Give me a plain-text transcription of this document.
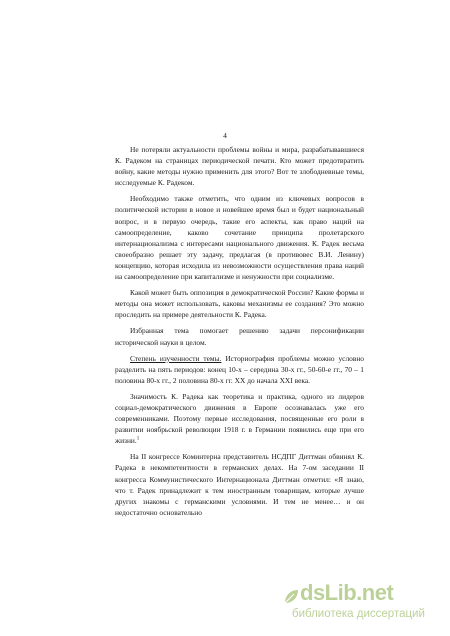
4

Не потеряли актуальности проблемы войны и мира, разрабатывавшиеся К. Радеком на страницах периодической печати. Кто может предотвратить войну, какие методы нужно применить для этого? Вот те злободневные темы, исследуемые К. Радеком.

Необходимо также отметить, что одним из ключевых вопросов в политической истории в новое и новейшее время был и будет национальный вопрос, и в первую очередь, такие его аспекты, как право наций на самоопределение, каково сочетание принципа пролетарского интернационализма с интересами национального движения. К. Радек весьма своеобразно решает эту задачу, предлагая (в противовес В.И. Ленину) концепцию, которая исходила из невозможности осуществления права наций на самоопределение при капитализме и ненужности при социализме.

Какой может быть оппозиция в демократической России? Какие формы и методы она может использовать, каковы механизмы ее создания? Это можно проследить на примере деятельности К. Радека.

Избранная тема помогает решению задачи персонификации исторической науки в целом.

Степень изученности темы. Историография проблемы можно условно разделить на пять периодов: конец 10-х – середина 30-х гг., 50-60-е гг., 70 – 1 половина 80-х гг., 2 половина 80-х гг. XX до начала XXI века.

Значимость К. Радека как теоретика и практика, одного из лидеров социал-демократического движения в Европе осознавалась уже его современниками. Поэтому первые исследования, посвященные его роли в развитии ноябрьской революции 1918 г. в Германии появились еще при его жизни.$^1$

На II конгрессе Коминтерна представитель НСДПГ Диттман обвинял К. Радека в некомпетентности в германских делах. На 7-ом заседании II конгресса Коммунистического Интернационала Диттман отметил: «Я знаю, что т. Радек принадлежит к тем иностранным товарищам, которые лучше других знакомы с германскими условиями. И тем не менее… и он недостаточно основательно

dsLib.net
библиотека диссертаций
